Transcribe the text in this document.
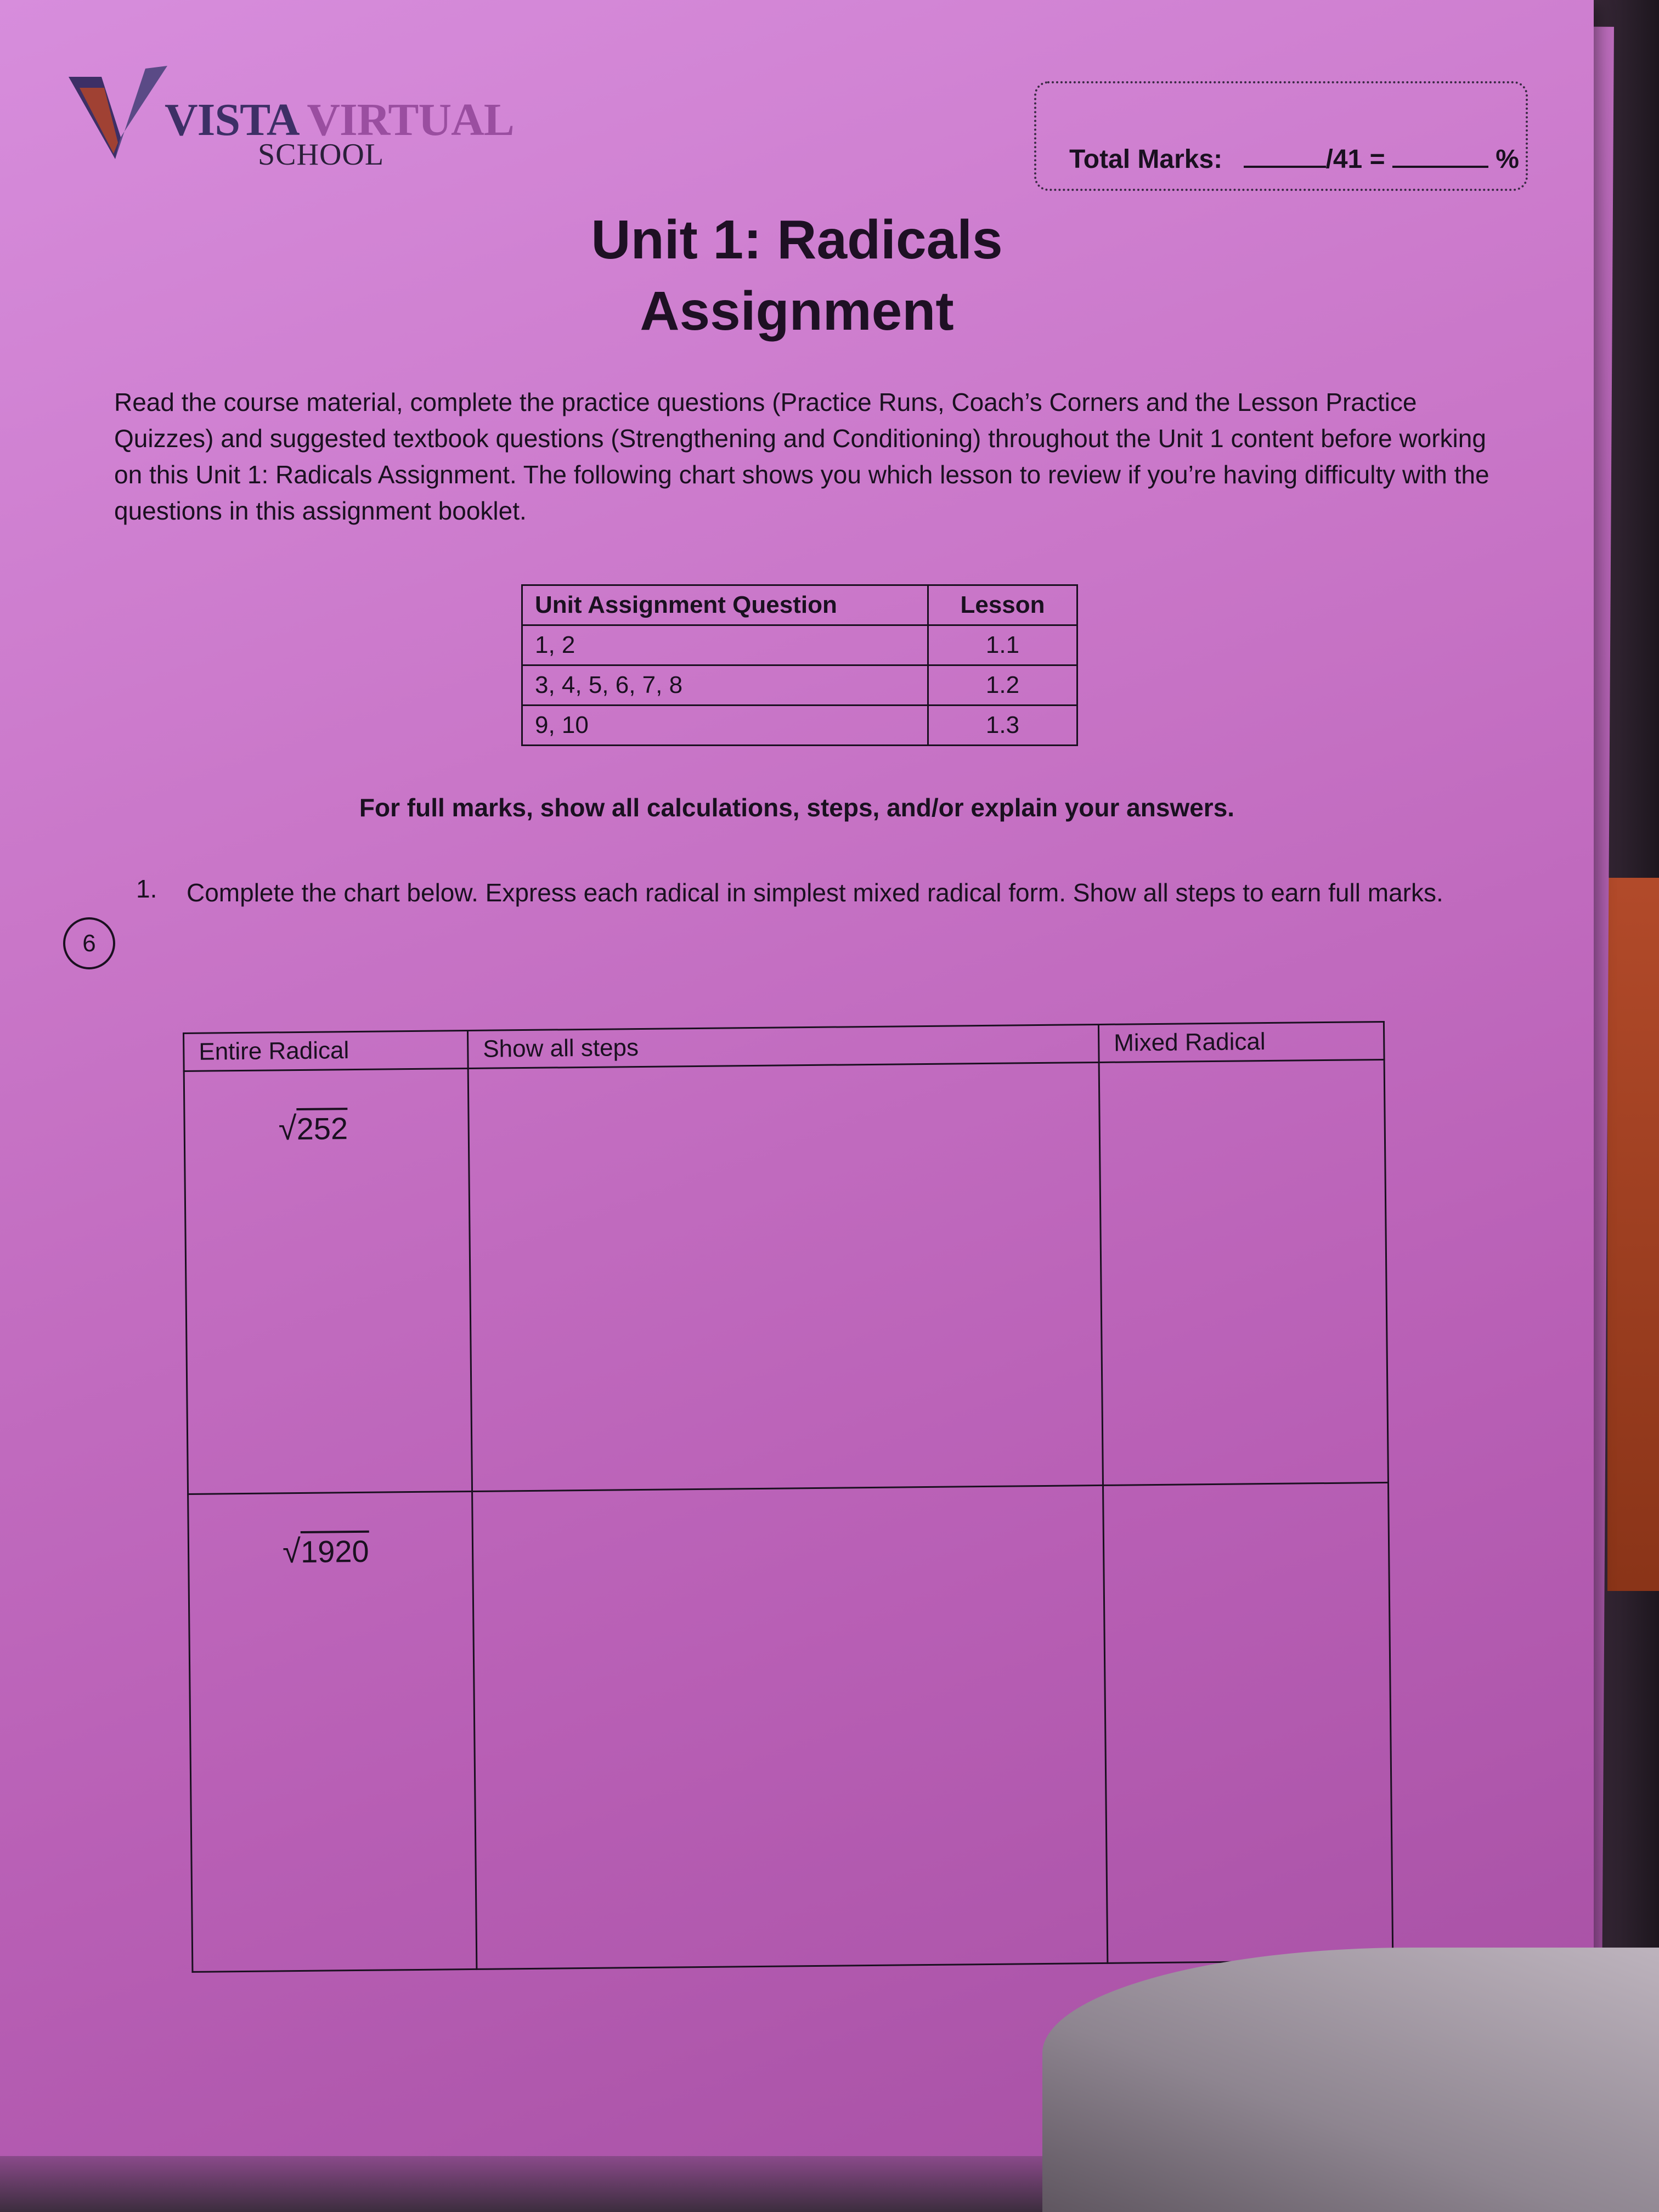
VISTA VIRTUAL
SCHOOL	Total Marks:	/41 =	%
Unit 1: Radicals
Assignment
Read the course material, complete the practice questions (Practice Runs, Coach’s Corners and the Lesson Practice Quizzes) and suggested textbook questions (Strengthening and Conditioning) throughout the Unit 1 content before working on this Unit 1: Radicals Assignment. The following chart shows you which lesson to review if you’re having difficulty with the questions in this assignment booklet.
Unit Assignment Question	Lesson
1, 2	1.1
3, 4, 5, 6, 7, 8	1.2
9, 10	1.3
For full marks, show all calculations, steps, and/or explain your answers.
1. Complete the chart below. Express each radical in simplest mixed radical form. Show all steps to earn full marks.
6
Entire Radical	Show all steps	Mixed Radical
√252		
√1920		
